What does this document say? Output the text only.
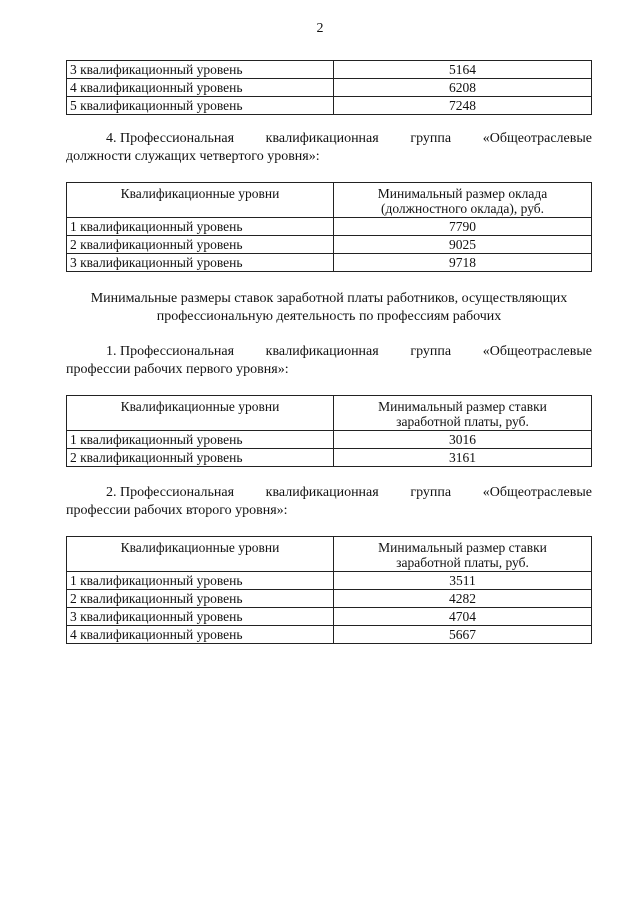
2
3 квалификационный уровень	5164
4 квалификационный уровень	6208
5 квалификационный уровень	7248
4. Профессиональная квалификационная группа «Общеотраслевые
должности служащих четвертого уровня»:
Квалификационные уровни	Минимальный размер оклада
(должностного оклада), руб.

1 квалификационный уровень	7790
2 квалификационный уровень	9025
3 квалификационный уровень	9718
Минимальные размеры ставок заработной платы работников, осуществляющих
профессиональную деятельность по профессиям рабочих
1. Профессиональная квалификационная группа «Общеотраслевые
профессии рабочих первого уровня»:
Квалификационные уровни	Минимальный размер ставки
заработной платы, руб.

1 квалификационный уровень	3016
2 квалификационный уровень	3161
2. Профессиональная квалификационная группа «Общеотраслевые
профессии рабочих второго уровня»:
Квалификационные уровни	Минимальный размер ставки
заработной платы, руб.

1 квалификационный уровень	3511
2 квалификационный уровень	4282
3 квалификационный уровень	4704
4 квалификационный уровень	5667
